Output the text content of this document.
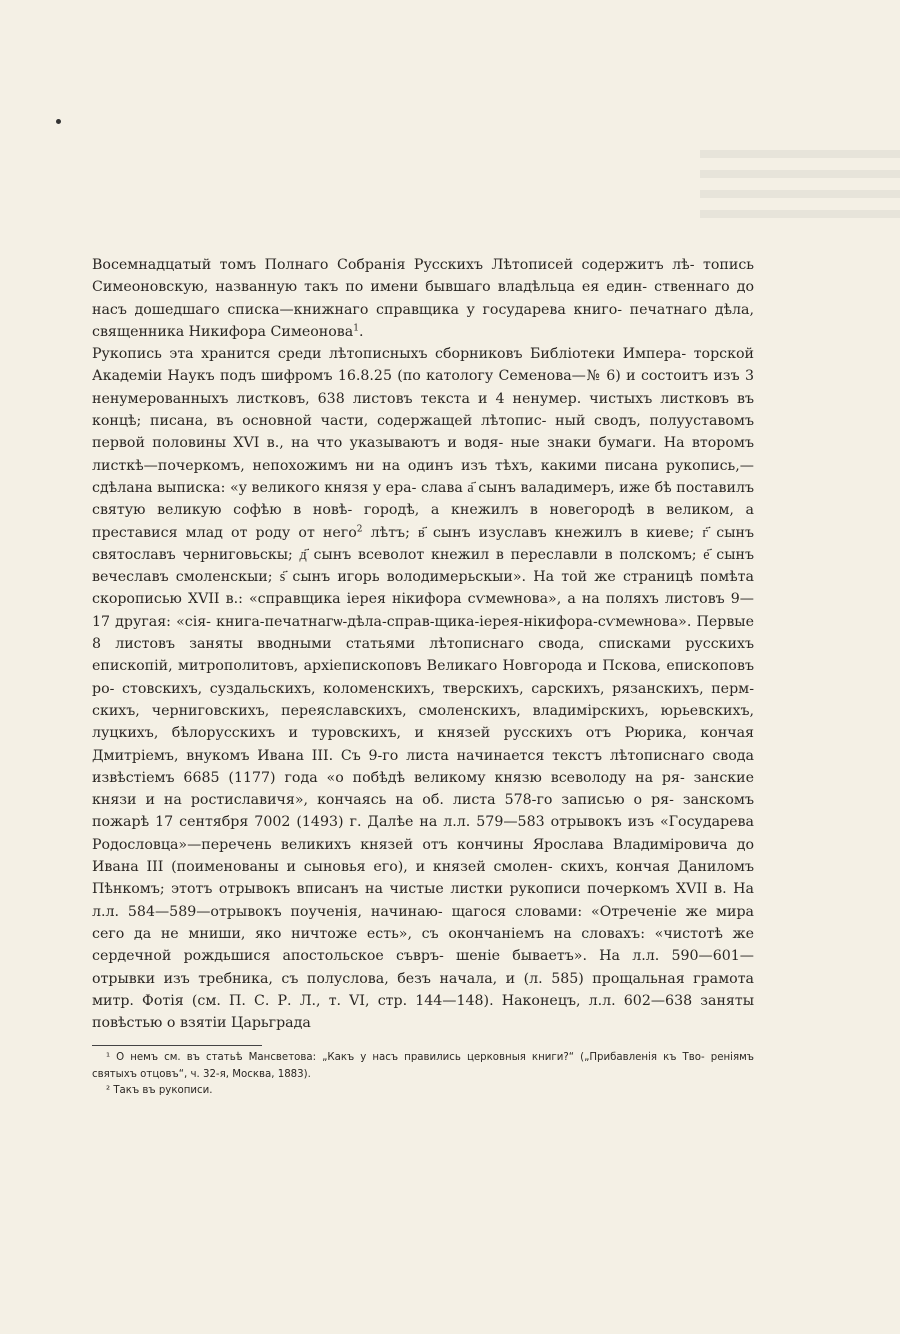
Восемнадцатый томъ Полнаго Собранія Русскихъ Лѣтописей содержитъ лѣ- топись Симеоновскую, названную такъ по имени бывшаго владѣльца ея един- ственнаго до насъ дошедшаго списка—книжнаго справщика у государева книго- печатнаго дѣла, священника Никифора Симеонова$^1$.

Рукопись эта хранится среди лѣтописныхъ сборниковъ Библіотеки Импера- торской Академіи Наукъ подъ шифромъ 16.8.25 (по катологу Семенова—№ 6) и состоитъ изъ 3 ненумерованныхъ листковъ, 638 листовъ текста и 4 ненумер. чистыхъ листковъ въ концѣ; писана, въ основной части, содержащей лѣтопис- ный сводъ, полууставомъ первой половины XVI в., на что указываютъ и водя- ные знаки бумаги. На второмъ листкѣ—почеркомъ, непохожимъ ни на одинъ изъ тѣхъ, какими писана рукопись,—сдѣлана выписка: «у великого князя у ера- слава а҃ сынъ валадимеръ, иже бѣ поставилъ святую великую софѣю в новѣ- городѣ, а кнежилъ в новегородѣ в великом, а преставися млад от роду от него$^2$ лѣтъ; в҃ сынъ изуславъ кнежилъ в киеве; г҃ сынъ святославъ черниговьскы; д҃ сынъ всеволот кнежил в переславли в полскомъ; е҃ сынъ вечеславъ смоленскыи; ѕ҃ сынъ игорь володимерьскыи». На той же страницѣ помѣта скорописью XVII в.: «справщика іерея нікифора сѵмеѡнова», а на поляхъ листовъ 9—17 другая: «сія- книга-печатнагѡ-дѣла-справ-щика-іерея-нікифора-сѵмеѡнова». Первые 8 листовъ заняты вводными статьями лѣтописнаго свода, списками русскихъ епископій, митрополитовъ, архіепископовъ Великаго Новгорода и Пскова, епископовъ ро- стовскихъ, суздальскихъ, коломенскихъ, тверскихъ, сарскихъ, рязанскихъ, перм- скихъ, черниговскихъ, переяславскихъ, смоленскихъ, владимірскихъ, юрьевскихъ, луцкихъ, бѣлорусскихъ и туровскихъ, и князей русскихъ отъ Рюрика, кончая Дмитріемъ, внукомъ Ивана III. Съ 9-го листа начинается текстъ лѣтописнаго свода извѣстіемъ 6685 (1177) года «о побѣдѣ великому князю всеволоду на ря- занские князи и на ростиславичя», кончаясь на об. листа 578-го записью о ря- занскомъ пожарѣ 17 сентября 7002 (1493) г. Далѣе на л.л. 579—583 отрывокъ изъ «Государева Родословца»—перечень великихъ князей отъ кончины Ярослава Владиміровича до Ивана III (поименованы и сыновья его), и князей смолен- скихъ, кончая Даниломъ Пѣнкомъ; этотъ отрывокъ вписанъ на чистые листки рукописи почеркомъ XVII в. На л.л. 584—589—отрывокъ поученія, начинаю- щагося словами: «Отреченіе же мира сего да не мниши, яко ничтоже есть», съ окончаніемъ на словахъ: «чистотѣ же сердечной рождьшися апостольское съвръ- шеніе бываетъ». На л.л. 590—601—отрывки изъ требника, съ полуслова, безъ начала, и (л. 585) прощальная грамота митр. Фотія (см. П. С. Р. Л., т. VI, стр. 144—148). Наконецъ, л.л. 602—638 заняты повѣстью о взятіи Царьграда

¹ О немъ см. въ статьѣ Мансветова: „Какъ у насъ правились церковныя книги?“ („Прибавленія къ Тво- реніямъ святыхъ отцовъ“, ч. 32-я, Москва, 1883).

² Такъ въ рукописи.
